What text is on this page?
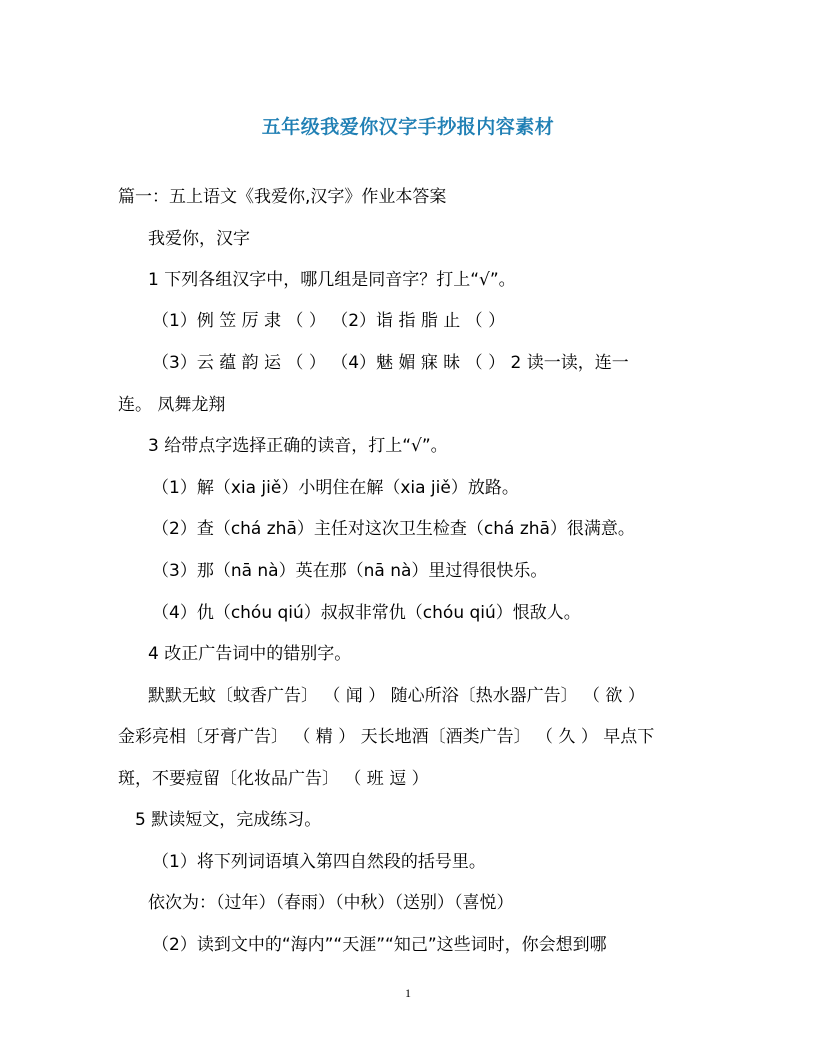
五年级我爱你汉字手抄报内容素材
篇一：五上语文《我爱你,汉字》作业本答案
我爱你，汉字
1 下列各组汉字中，哪几组是同音字？打上“√”。
（1）例 笠 厉 隶 （ ） （2）诣 指 脂 止 （ ）
（3）云 蕴 韵 运 （ ） （4）魅 媚 寐 昧 （ ） 2 读一读，连一
连。 凤舞龙翔
3 给带点字选择正确的读音，打上“√”。
（1）解（xia jiě）小明住在解（xia jiě）放路。
（2）查（chá zhā）主任对这次卫生检查（chá zhā）很满意。
（3）那（nā nà）英在那（nā nà）里过得很快乐。
（4）仇（chóu qiú）叔叔非常仇（chóu qiú）恨敌人。
4 改正广告词中的错别字。
默默无蚊〔蚊香广告〕 （ 闻 ） 随心所浴〔热水器广告〕 （ 欲 ）
金彩亮相〔牙膏广告〕 （ 精 ） 天长地酒〔酒类广告〕 （ 久 ） 早点下
斑，不要痘留〔化妆品广告〕 （ 班 逗 ）
5 默读短文，完成练习。
（1）将下列词语填入第四自然段的括号里。
依次为：（过年）（春雨）（中秋）（送别）（喜悦）
（2）读到文中的“海内”“天涯”“知己”这些词时，你会想到哪
1
